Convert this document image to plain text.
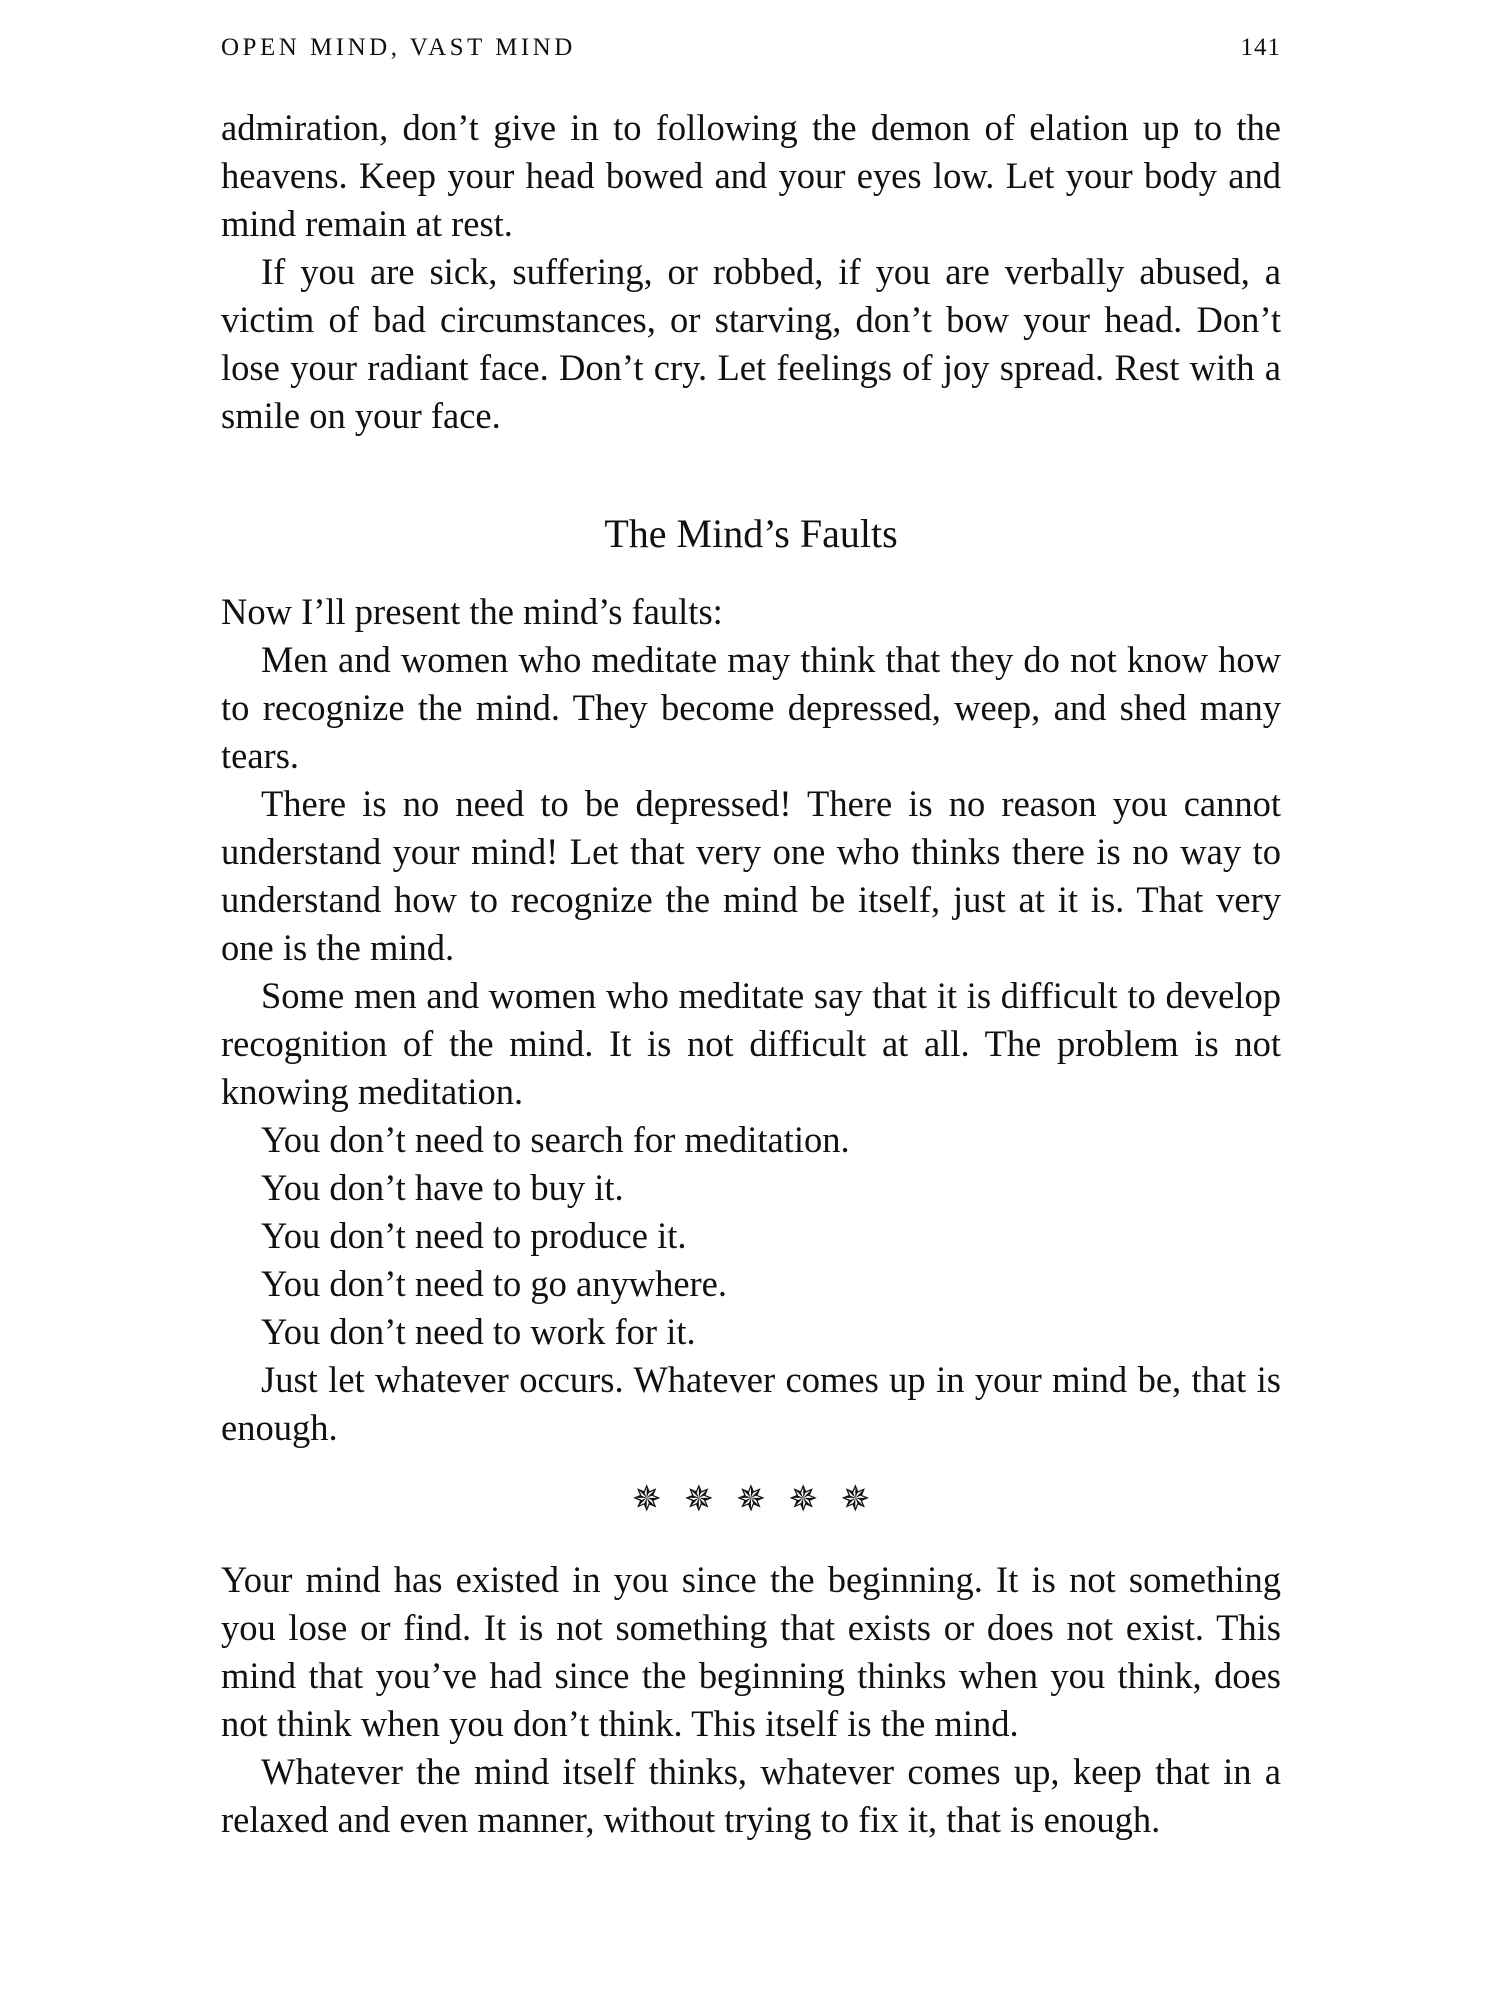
OPEN MIND, VAST MIND	141

admiration, don’t give in to following the demon of elation up to the heavens. Keep your head bowed and your eyes low. Let your body and mind remain at rest.

If you are sick, suffering, or robbed, if you are verbally abused, a victim of bad circumstances, or starving, don’t bow your head. Don’t lose your radiant face. Don’t cry. Let feelings of joy spread. Rest with a smile on your face.

The Mind’s Faults

Now I’ll present the mind’s faults:

Men and women who meditate may think that they do not know how to recognize the mind. They become depressed, weep, and shed many tears.

There is no need to be depressed! There is no reason you cannot understand your mind! Let that very one who thinks there is no way to understand how to recognize the mind be itself, just at it is. That very one is the mind.

Some men and women who meditate say that it is difficult to develop recognition of the mind. It is not difficult at all. The problem is not knowing meditation.

You don’t need to search for meditation.

You don’t have to buy it.

You don’t need to produce it.

You don’t need to go anywhere.

You don’t need to work for it.

Just let whatever occurs. Whatever comes up in your mind be, that is enough.

✵ ✵ ✵ ✵ ✵

Your mind has existed in you since the beginning. It is not something you lose or find. It is not something that exists or does not exist. This mind that you’ve had since the beginning thinks when you think, does not think when you don’t think. This itself is the mind.

Whatever the mind itself thinks, whatever comes up, keep that in a relaxed and even manner, without trying to fix it, that is enough.
